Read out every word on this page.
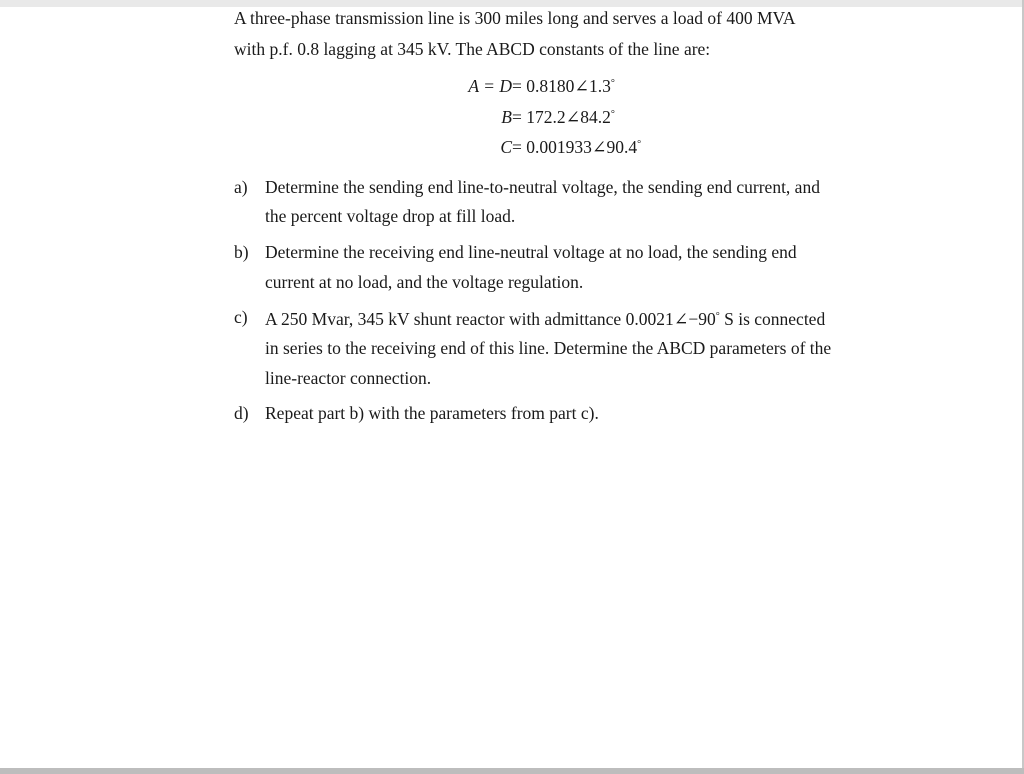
A three-phase transmission line is 300 miles long and serves a load of 400 MVA
with p.f. 0.8 lagging at 345 kV. The ABCD constants of the line are:
A = D= 0.8180∠1.3°
B= 172.2∠84.2°
C= 0.001933∠90.4°
a) Determine the sending end line-to-neutral voltage, the sending end current, and
the percent voltage drop at fill load.
b) Determine the receiving end line-neutral voltage at no load, the sending end
current at no load, and the voltage regulation.
c) A 250 Mvar, 345 kV shunt reactor with admittance 0.0021∠−90° S is connected
in series to the receiving end of this line. Determine the ABCD parameters of the
line-reactor connection.
d) Repeat part b) with the parameters from part c).
